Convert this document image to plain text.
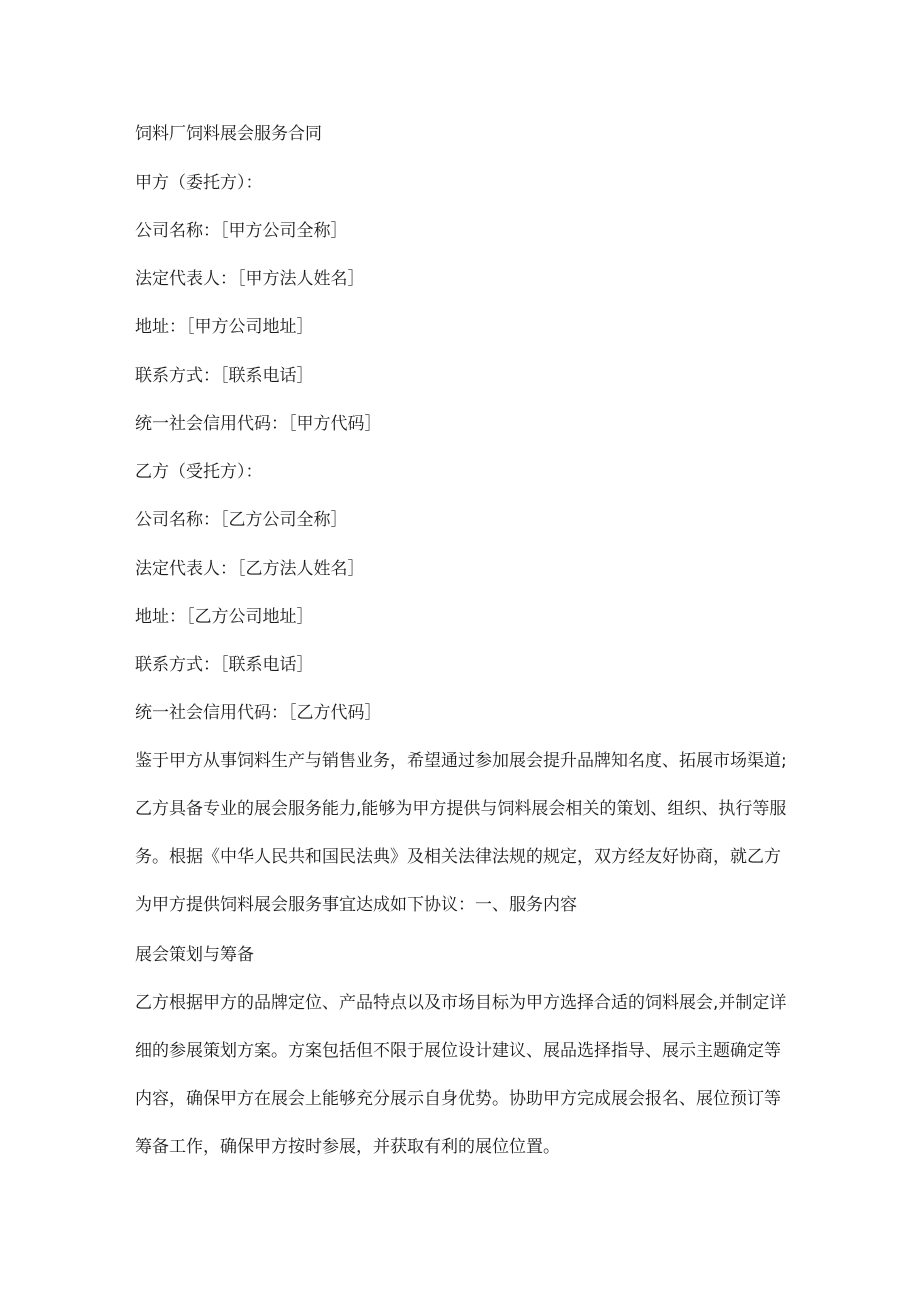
饲料厂饲料展会服务合同

甲方（委托方）：

公司名称：［甲方公司全称］

法定代表人：［甲方法人姓名］

地址：［甲方公司地址］

联系方式：［联系电话］

统一社会信用代码：［甲方代码］

乙方（受托方）：

公司名称：［乙方公司全称］

法定代表人：［乙方法人姓名］

地址：［乙方公司地址］

联系方式：［联系电话］

统一社会信用代码：［乙方代码］

鉴于甲方从事饲料生产与销售业务，希望通过参加展会提升品牌知名度、拓展市场渠道;
乙方具备专业的展会服务能力,能够为甲方提供与饲料展会相关的策划、组织、执行等服
务。根据《中华人民共和国民法典》及相关法律法规的规定，双方经友好协商，就乙方
为甲方提供饲料展会服务事宜达成如下协议：一、服务内容

展会策划与筹备

乙方根据甲方的品牌定位、产品特点以及市场目标为甲方选择合适的饲料展会,并制定详
细的参展策划方案。方案包括但不限于展位设计建议、展品选择指导、展示主题确定等
内容，确保甲方在展会上能够充分展示自身优势。协助甲方完成展会报名、展位预订等
筹备工作，确保甲方按时参展，并获取有利的展位位置。
